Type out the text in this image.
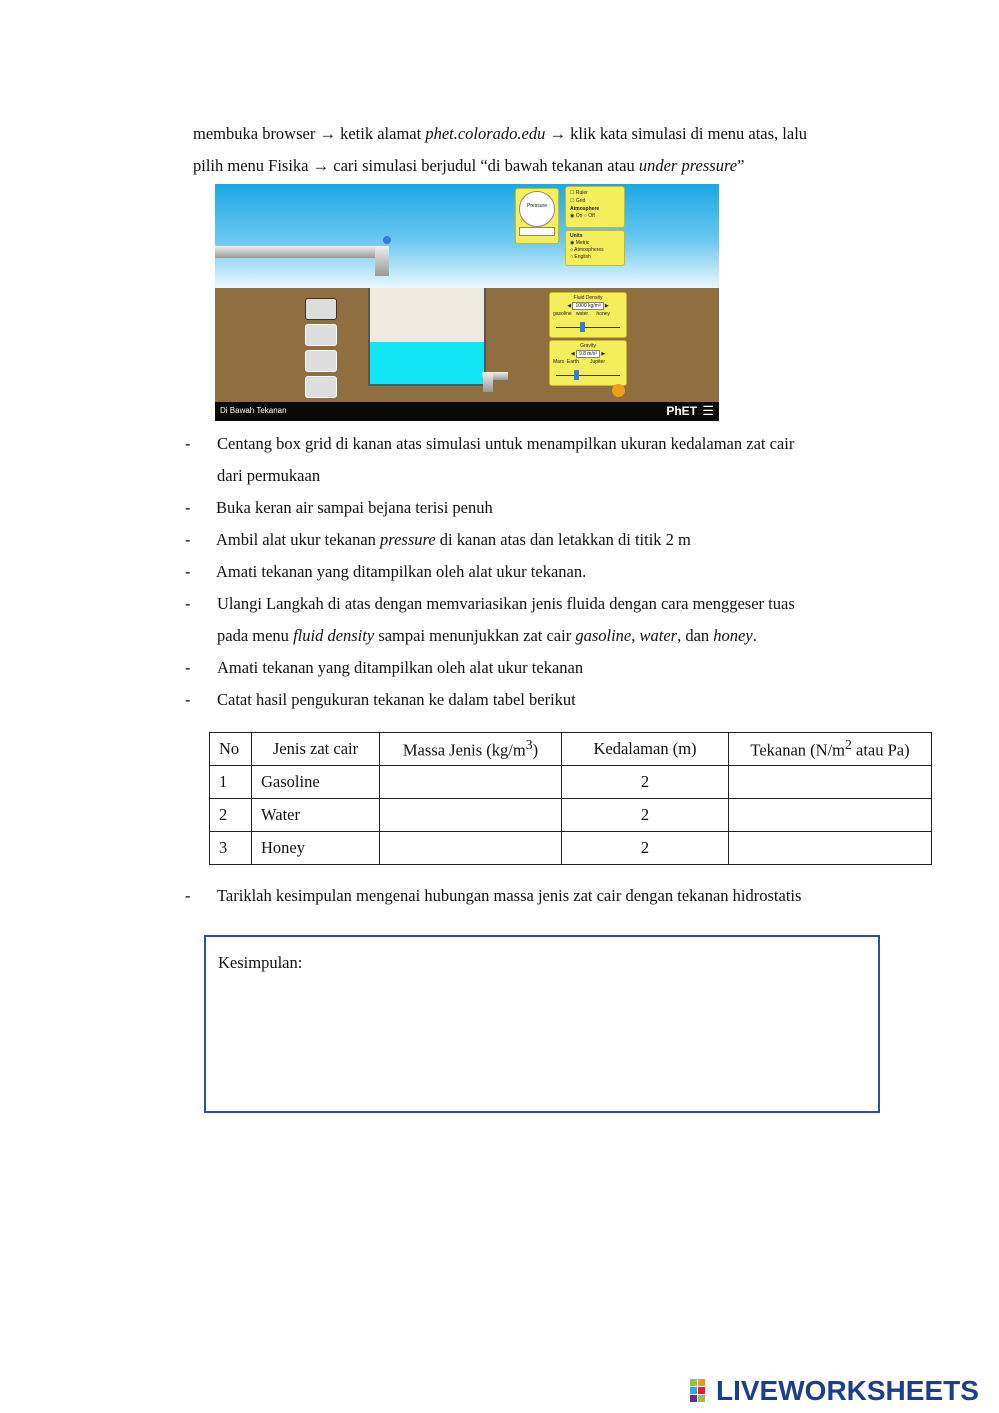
membuka browser → ketik alamat phet.colorado.edu → klik kata simulasi di menu atas, lalu

pilih menu Fisika → cari simulasi berjudul “di bawah tekanan atau under pressure”

Pressure
☐ Ruler
☐ Grid
Atmosphere
◉ On ○ Off
Units
◉ Metric
○ Atmospheres
○ English
Fluid Density
◀ 1000 kg/m³ ▶
gasoline water honey
Gravity
◀ 9.8 m/s² ▶
Mars Earth Jupiter
Di Bawah Tekanan	PhET ☰
- Centang box grid di kanan atas simulasi untuk menampilkan ukuran kedalaman zat cair
dari permukaan
- Buka keran air sampai bejana terisi penuh
- Ambil alat ukur tekanan pressure di kanan atas dan letakkan di titik 2 m
- Amati tekanan yang ditampilkan oleh alat ukur tekanan.
- Ulangi Langkah di atas dengan memvariasikan jenis fluida dengan cara menggeser tuas
pada menu fluid density sampai menunjukkan zat cair gasoline, water, dan honey.
- Amati tekanan yang ditampilkan oleh alat ukur tekanan
- Catat hasil pengukuran tekanan ke dalam tabel berikut
No	Jenis zat cair	Massa Jenis $(kg/m^3)$	Kedalaman (m)	Tekanan ($N/m^2$ atau Pa)
1	Gasoline		2	
2	Water		2	
3	Honey		2	
- Tariklah kesimpulan mengenai hubungan massa jenis zat cair dengan tekanan hidrostatis
Kesimpulan:
LIVEWORKSHEETS
